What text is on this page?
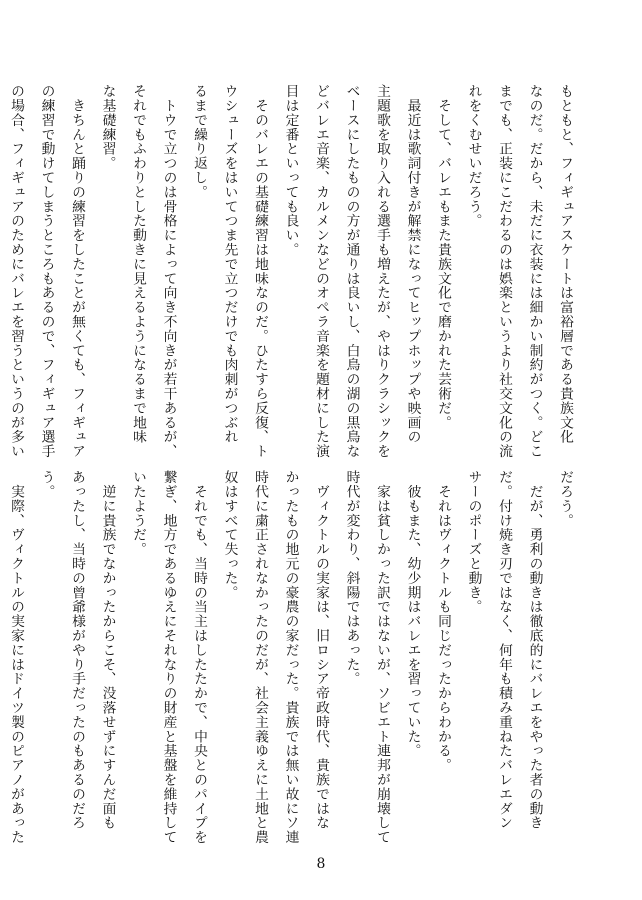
もともと、フィギュアスケートは富裕層である貴族文化
なのだ。だから、未だに衣装には細かい制約がつく。どこ
までも、正装にこだわるのは娯楽というより社交文化の流
れをくむせいだろう。
　そして、バレエもまた貴族文化で磨かれた芸術だ。
　最近は歌詞付きが解禁になってヒップホップや映画の
主題歌を取り入れる選手も増えたが、やはりクラシックを
ベースにしたものの方が通りは良いし、白鳥の湖の黒鳥な
どバレエ音楽、カルメンなどのオペラ音楽を題材にした演
目は定番といっても良い。
　そのバレエの基礎練習は地味なのだ。ひたすら反復、ト
ウシューズをはいてつま先で立つだけでも肉刺がつぶれ
るまで繰り返し。
　トウで立つのは骨格によって向き不向きが若干あるが、
それでもふわりとした動きに見えるようになるまで地味
な基礎練習。
　きちんと踊りの練習をしたことが無くても、フィギュア
の練習で動けてしまうところもあるので、フィギュア選手
の場合、フィギュアのためにバレエを習うというのが多い
だろう。
　だが、勇利の動きは徹底的にバレエをやった者の動き
だ。付け焼き刃ではなく、何年も積み重ねたバレエダン
サーのポーズと動き。
　それはヴィクトルも同じだったからわかる。
　彼もまた、幼少期はバレエを習っていた。
　家は貧しかった訳ではないが、ソビエト連邦が崩壊して
時代が変わり、斜陽ではあった。
　ヴィクトルの実家は、旧ロシア帝政時代、貴族ではな
かったもの地元の豪農の家だった。貴族では無い故にソ連
時代に粛正されなかったのだが、社会主義ゆえに土地と農
奴はすべて失った。
　それでも、当時の当主はしたたかで、中央とのパイプを
繋ぎ、地方であるゆえにそれなりの財産と基盤を維持して
いたようだ。
　逆に貴族でなかったからこそ、没落せずにすんだ面も
あったし、当時の曾爺様がやり手だったのもあるのだろ
う。
　実際、ヴィクトルの実家にはドイツ製のピアノがあった
8
